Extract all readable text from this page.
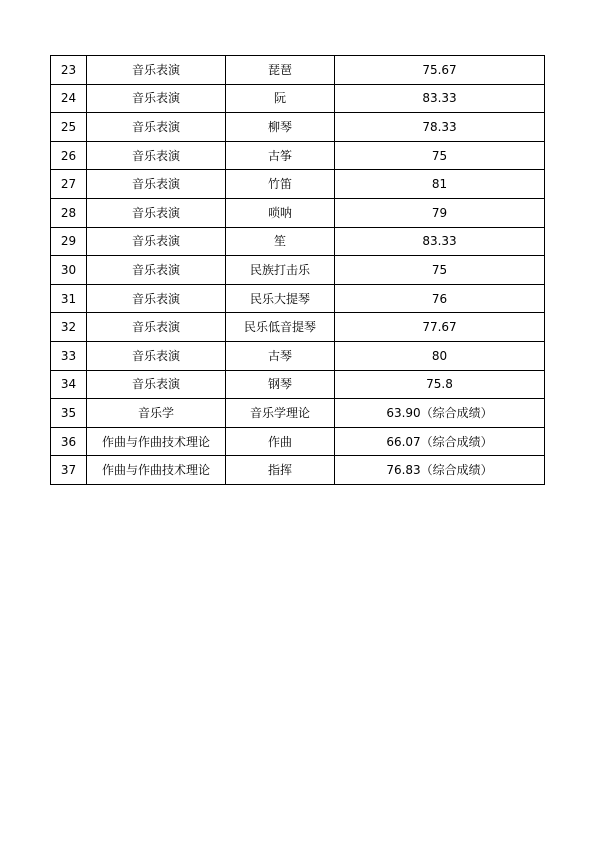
23	音乐表演	琵琶	75.67
24	音乐表演	阮	83.33
25	音乐表演	柳琴	78.33
26	音乐表演	古筝	75
27	音乐表演	竹笛	81
28	音乐表演	唢呐	79
29	音乐表演	笙	83.33
30	音乐表演	民族打击乐	75
31	音乐表演	民乐大提琴	76
32	音乐表演	民乐低音提琴	77.67
33	音乐表演	古琴	80
34	音乐表演	钢琴	75.8
35	音乐学	音乐学理论	63.90（综合成绩）
36	作曲与作曲技术理论	作曲	66.07（综合成绩）
37	作曲与作曲技术理论	指挥	76.83（综合成绩）
